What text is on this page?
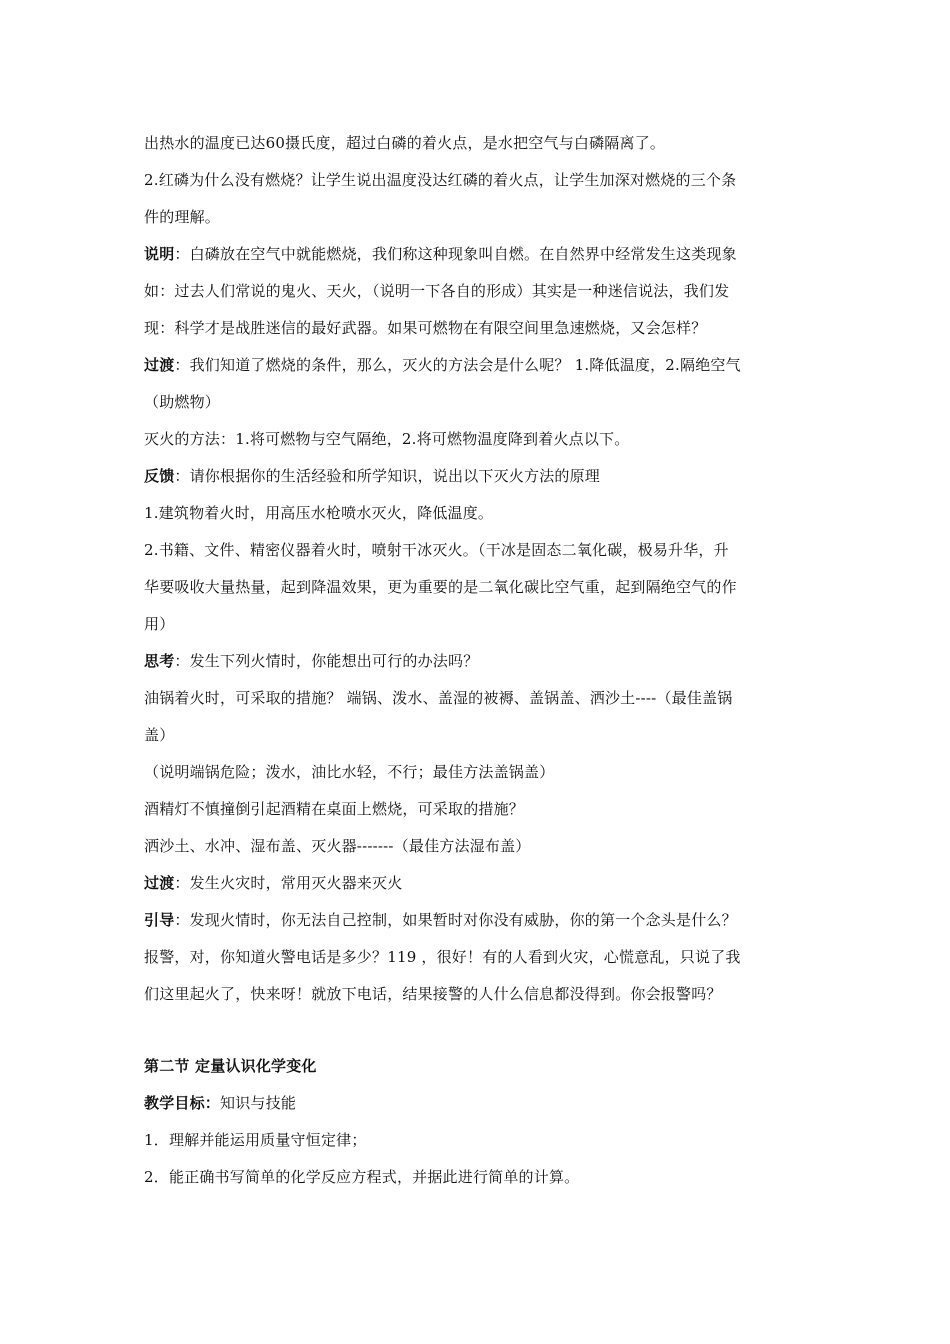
出热水的温度已达60摄氏度，超过白磷的着火点，是水把空气与白磷隔离了。
2.红磷为什么没有燃烧？让学生说出温度没达红磷的着火点，让学生加深对燃烧的三个条
件的理解。
说明：白磷放在空气中就能燃烧，我们称这种现象叫自燃。在自然界中经常发生这类现象
如：过去人们常说的鬼火、天火，（说明一下各自的形成）其实是一种迷信说法，我们发
现：科学才是战胜迷信的最好武器。如果可燃物在有限空间里急速燃烧，又会怎样？
过渡：我们知道了燃烧的条件，那么，灭火的方法会是什么呢？ 1.降低温度，2.隔绝空气
（助燃物）
灭火的方法：1.将可燃物与空气隔绝，2.将可燃物温度降到着火点以下。
反馈：请你根据你的生活经验和所学知识，说出以下灭火方法的原理
1.建筑物着火时，用高压水枪喷水灭火，降低温度。
2.书籍、文件、精密仪器着火时，喷射干冰灭火。（干冰是固态二氧化碳，极易升华，升
华要吸收大量热量，起到降温效果，更为重要的是二氧化碳比空气重，起到隔绝空气的作
用）
思考：发生下列火情时，你能想出可行的办法吗？
油锅着火时，可采取的措施？ 端锅、泼水、盖湿的被褥、盖锅盖、洒沙土----（最佳盖锅
盖）
（说明端锅危险；泼水，油比水轻，不行；最佳方法盖锅盖）
酒精灯不慎撞倒引起酒精在桌面上燃烧，可采取的措施？
洒沙土、水冲、湿布盖、灭火器-------（最佳方法湿布盖）
过渡：发生火灾时，常用灭火器来灭火
引导：发现火情时，你无法自己控制，如果暂时对你没有威胁，你的第一个念头是什么？
报警，对，你知道火警电话是多少？119 ，很好！有的人看到火灾，心慌意乱，只说了我
们这里起火了，快来呀！就放下电话，结果接警的人什么信息都没得到。你会报警吗？
第二节 定量认识化学变化
教学目标：知识与技能
1．理解并能运用质量守恒定律；
2．能正确书写简单的化学反应方程式，并据此进行简单的计算。
